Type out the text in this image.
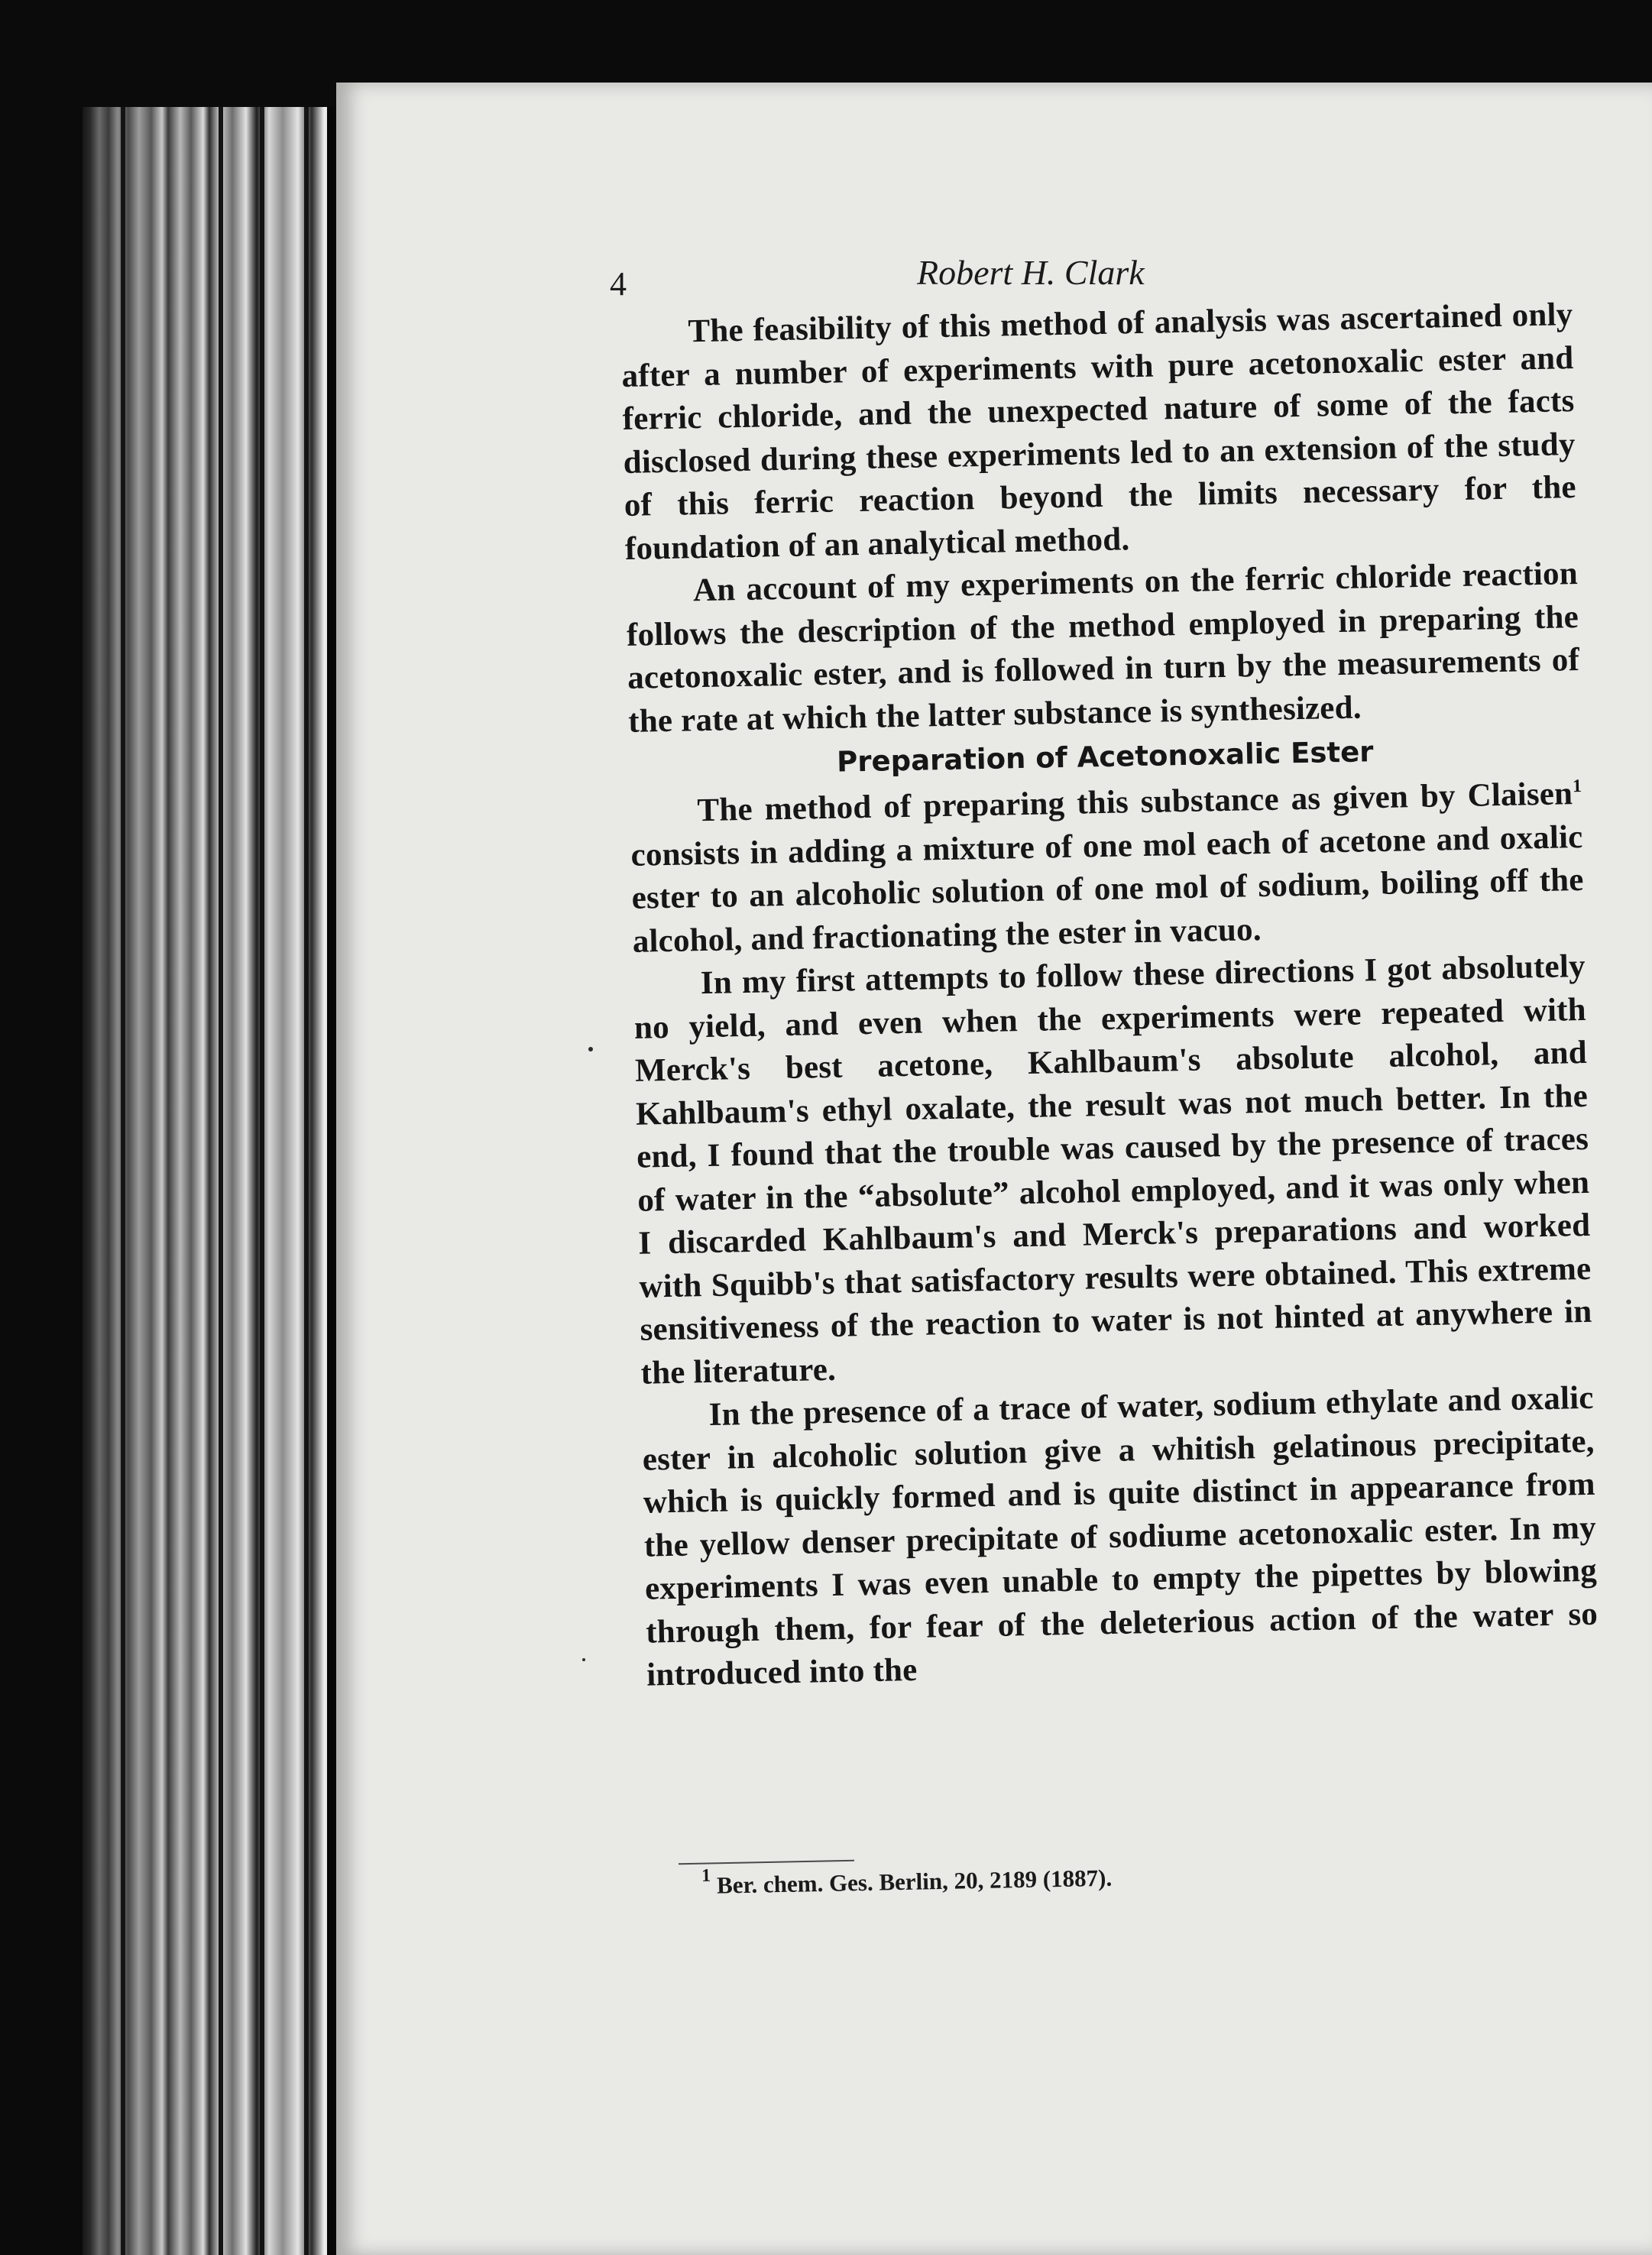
4	Robert H. Clark

The feasibility of this method of analysis was ascertained only after a number of experiments with pure acetonoxalic ester and ferric chloride, and the unexpected nature of some of the facts disclosed during these experiments led to an extension of the study of this ferric reaction beyond the limits necessary for the foundation of an analytical method.

An account of my experiments on the ferric chloride reaction follows the description of the method employed in preparing the acetonoxalic ester, and is followed in turn by the measurements of the rate at which the latter substance is synthesized.

Preparation of Acetonoxalic Ester

The method of preparing this substance as given by Claisen$^1$ consists in adding a mixture of one mol each of acetone and oxalic ester to an alcoholic solution of one mol of sodium, boiling off the alcohol, and fractionating the ester in vacuo.

In my first attempts to follow these directions I got absolutely no yield, and even when the experiments were repeated with Merck's best acetone, Kahlbaum's absolute alcohol, and Kahlbaum's ethyl oxalate, the result was not much better. In the end, I found that the trouble was caused by the presence of traces of water in the “absolute” alcohol employed, and it was only when I discarded Kahlbaum's and Merck's preparations and worked with Squibb's that satisfactory results were obtained. This extreme sensitiveness of the reaction to water is not hinted at anywhere in the literature.

In the presence of a trace of water, sodium ethylate and oxalic ester in alcoholic solution give a whitish gelatinous precipitate, which is quickly formed and is quite distinct in appearance from the yellow denser precipitate of sodiume acetonoxalic ester. In my experiments I was even unable to empty the pipettes by blowing through them, for fear of the deleterious action of the water so introduced into the

$^1$ Ber. chem. Ges. Berlin, 20, 2189 (1887).
